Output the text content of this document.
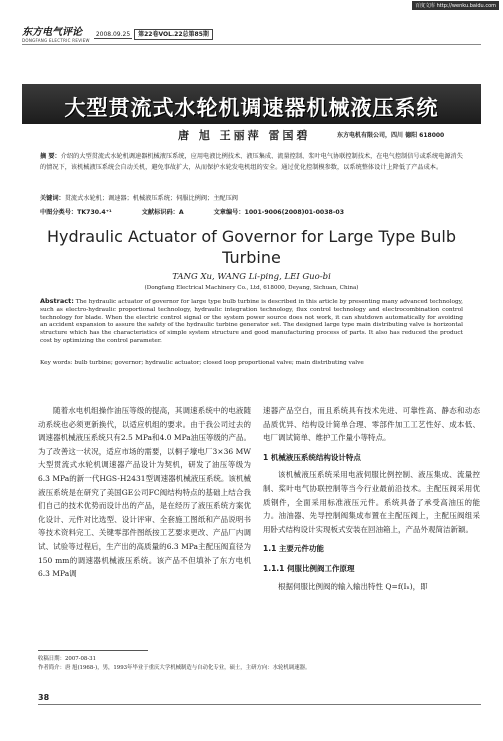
百度文库 http://wenku.baidu.com
东方电气评论
DONGFANG ELECTRIC REVIEW
2008.09.25 第22卷VOL.22总第85期
大型贯流式水轮机调速器机械液压系统
唐 旭 王丽萍 雷国碧	东方电机有限公司，四川 德阳 618000
摘 要：介绍的大型贯流式水轮机调速器机械液压系统，应用电液比例技术、液压集成、流量控制、浆叶电气协联控制技术，在电气控制信号或系统电源消失的情况下，该机械液压系统会自动关机，避免事故扩大，从而保护水轮发电机组的安全。通过优化控制模参数，以系统整体设计上降低了产品成本。
关键词：贯流式水轮机；调速器；机械液压系统；伺服比例阀；主配压阀
中图分类号：TK730.4⁺¹	文献标识码：A	文章编号：1001-9006(2008)01-0038-03
Hydraulic Actuator of Governor for Large Type Bulb Turbine
TANG Xu, WANG Li-ping, LEI Guo-bi
(Dongfang Electrical Machinery Co., Ltd, 618000, Deyang, Sichuan, China)
Abstract: The hydraulic actuator of governor for large type bulb turbine is described in this article by presenting many advanced technology, such as electro-hydraulic proportional technology, hydraulic integration technology, flux control technology and electrocombination control technology for blade. When the electric control signal or the system power source does not work, it can shutdown automatically for avoiding an accident expansion to assure the safety of the hydraulic turbine generator set. The designed large type main distributing valve is horizontal structure which has the characteristics of simple system structure and good manufacturing process of parts. It also has reduced the product cost by optimizing the control parameter.
Key words: bulb turbine; governor; hydraulic actuator; closed loop proportional valve; main distributing valve
随着水电机组操作油压等级的提高，其调速系统中的电液随动系统也必须更新换代，以适应机组的要求。由于我公司过去的调速器机械液压系统只有2.5 MPa和4.0 MPa油压等级的产品。为了改善这一状况，适应市场的需要，以桐子壕电厂3×36 MW大型贯流式水轮机调速器产品设计为契机，研发了油压等级为6.3 MPa的新一代HGS-H2431型调速器机械液压系统。该机械液压系统是在研究了美国GE公司FC阀结构特点的基础上结合我们自己的技术优势而设计出的产品，是在经历了液压系统方案优化设计、元件对比选型、设计评审、全套施工图纸和产品说明书等技术资料完工、关键零部件图纸按工艺要求更改、产品厂内调试、试验等过程后，生产出的高质量的6.3 MPa主配压阀直径为150 mm的调速器机械液压系统。该产品不但填补了东方电机6.3 MPa调
速器产品空白，而且系统具有技术先进、可靠性高、静态和动态品质优异、结构设计简单合理、零部件加工工艺性好、成本低、电厂调试简单、维护工作量小等特点。
1 机械液压系统结构设计特点
该机械液压系统采用电液伺服比例控制、液压集成、流量控制、桨叶电气协联控制等当今行业最前沿技术。主配压阀采用优质钢件，全面采用标准液压元件。系统具备了承受高油压的能力。油油器、先导控制阀集成布置在主配压阀上，主配压阀组采用卧式结构设计实现板式安装在回油箱上，产品外观简洁新颖。
1.1 主要元件功能
1.1.1 伺服比例阀工作原理
根据伺服比例阀的输入输出特性 Q=f(Iₙ)，即
收稿日期：2007-08-31
作者简介：唐 旭(1968-)，男，1993年毕业于重庆大学机械制造与自动化专业，硕士，主研方向：水轮机调速器。
38
